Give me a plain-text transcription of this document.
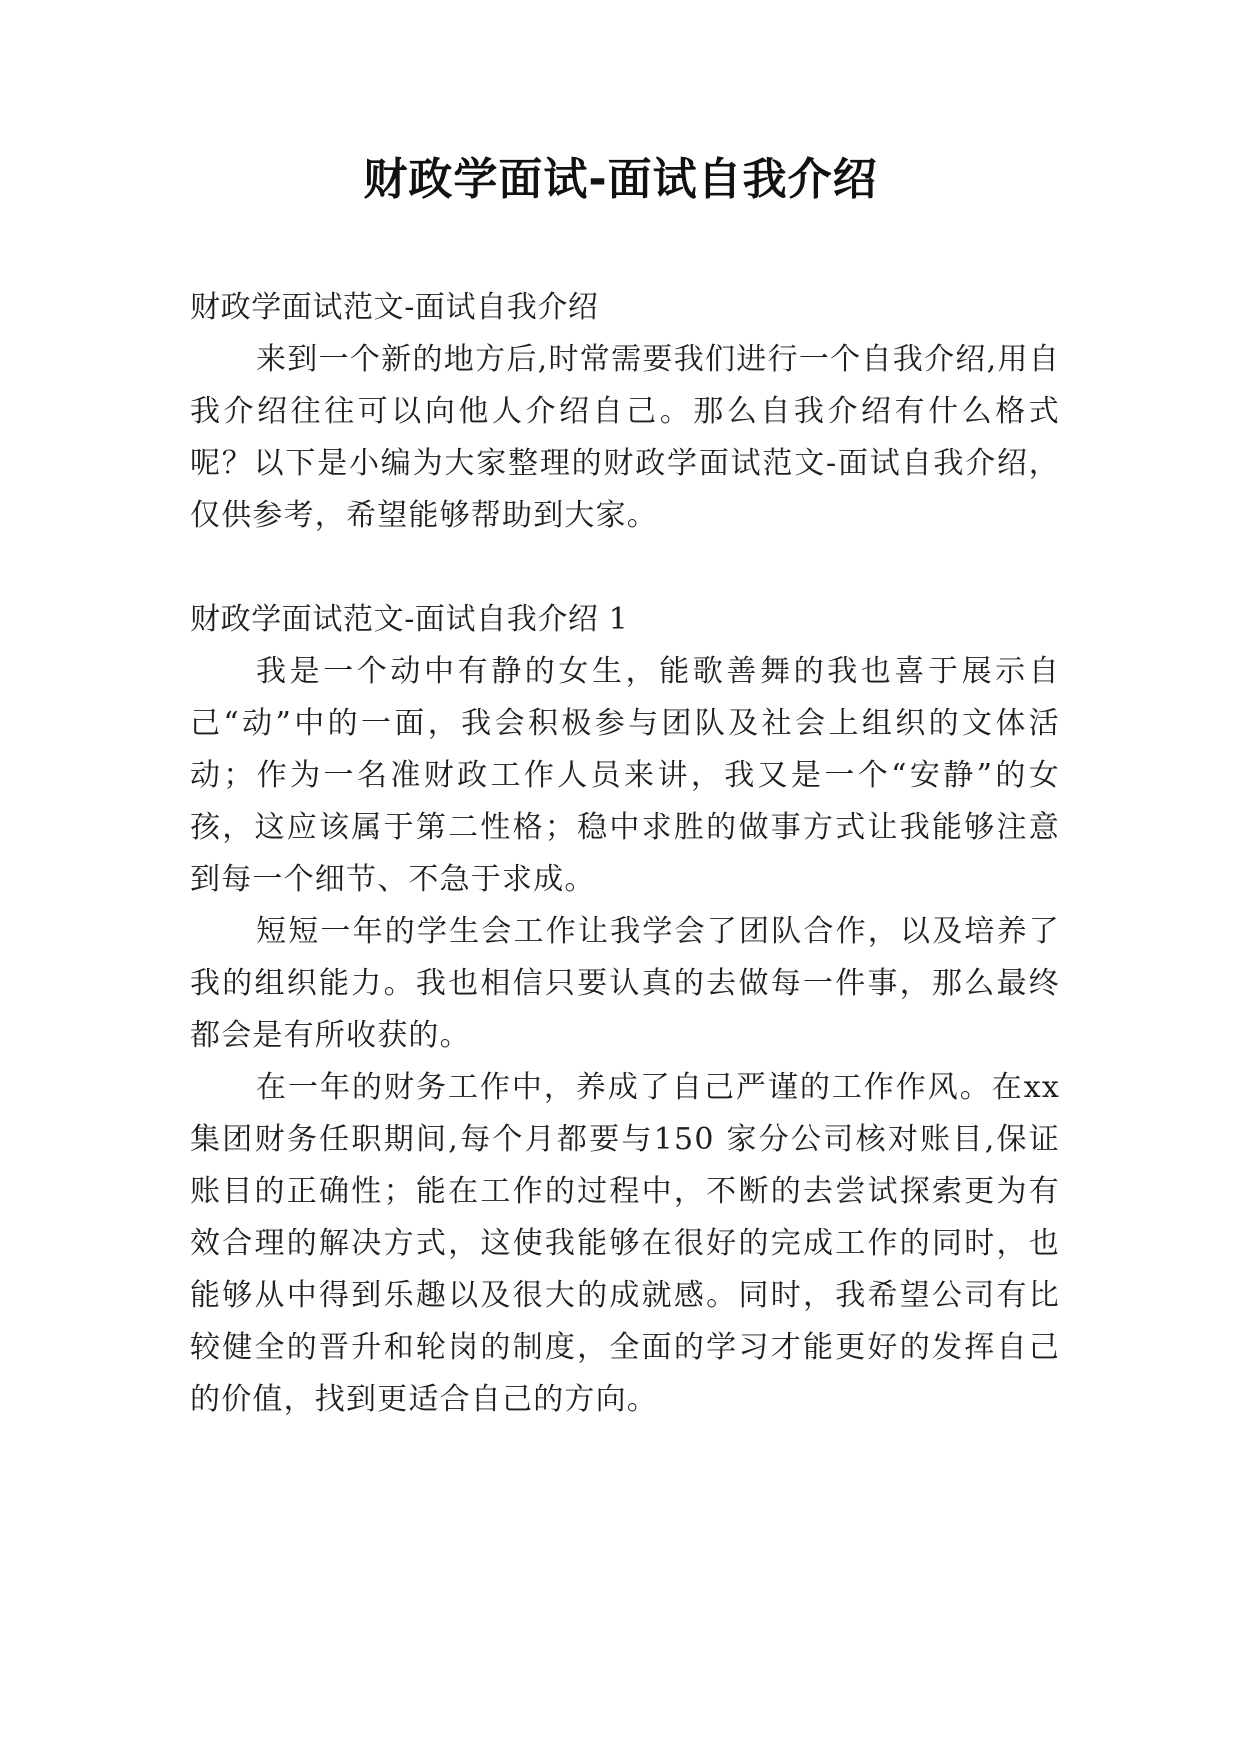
财政学面试-面试自我介绍

财政学面试范文-面试自我介绍

来到一个新的地方后,时常需要我们进行一个自我介绍,用自我介绍往往可以向他人介绍自己。那么自我介绍有什么格式呢？以下是小编为大家整理的财政学面试范文-面试自我介绍，仅供参考，希望能够帮助到大家。

财政学面试范文-面试自我介绍 1

我是一个动中有静的女生，能歌善舞的我也喜于展示自己“动”中的一面，我会积极参与团队及社会上组织的文体活动；作为一名准财政工作人员来讲，我又是一个“安静”的女孩，这应该属于第二性格；稳中求胜的做事方式让我能够注意到每一个细节、不急于求成。

短短一年的学生会工作让我学会了团队合作，以及培养了我的组织能力。我也相信只要认真的去做每一件事，那么最终都会是有所收获的。

在一年的财务工作中，养成了自己严谨的工作作风。在xx 集团财务任职期间,每个月都要与150 家分公司核对账目,保证账目的正确性；能在工作的过程中，不断的去尝试探索更为有效合理的解决方式，这使我能够在很好的完成工作的同时，也能够从中得到乐趣以及很大的成就感。同时，我希望公司有比较健全的晋升和轮岗的制度，全面的学习才能更好的发挥自己的价值，找到更适合自己的方向。
